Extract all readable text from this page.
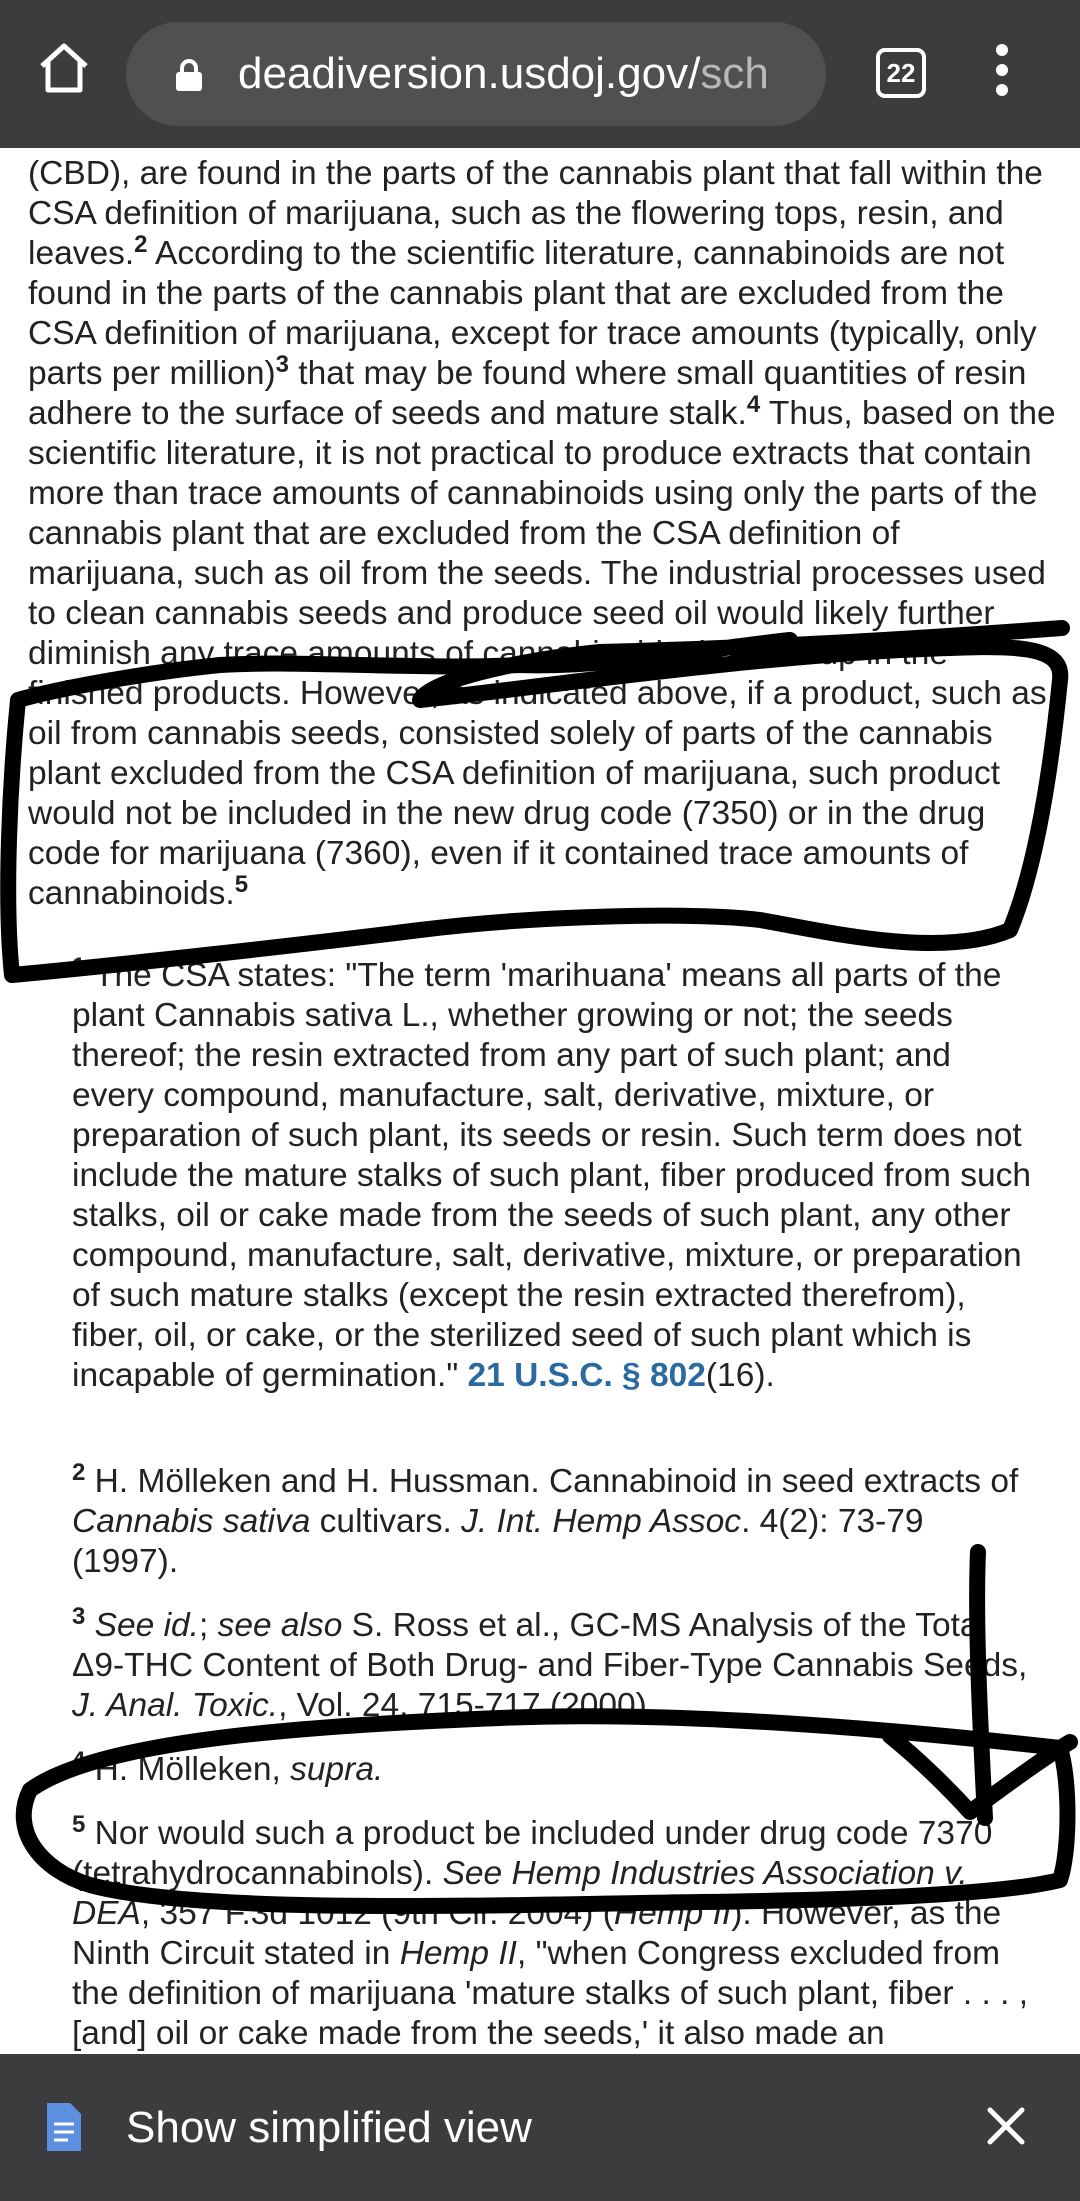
deadiversion.usdoj.gov/sch	22

(CBD), are found in the parts of the cannabis plant that fall within the CSA definition of marijuana, such as the flowering tops, resin, and leaves.$^2$ According to the scientific literature, cannabinoids are not found in the parts of the cannabis plant that are excluded from the CSA definition of marijuana, except for trace amounts (typically, only parts per million)$^3$ that may be found where small quantities of resin adhere to the surface of seeds and mature stalk.$^4$ Thus, based on the scientific literature, it is not practical to produce extracts that contain more than trace amounts of cannabinoids using only the parts of the cannabis plant that are excluded from the CSA definition of marijuana, such as oil from the seeds. The industrial processes used to clean cannabis seeds and produce seed oil would likely further diminish any trace amounts of cannabinoids that end up in the finished products. However, as indicated above, if a product, such as oil from cannabis seeds, consisted solely of parts of the cannabis plant excluded from the CSA definition of marijuana, such product would not be included in the new drug code (7350) or in the drug code for marijuana (7360), even if it contained trace amounts of cannabinoids.$^5$

$^1$ The CSA states: "The term 'marihuana' means all parts of the plant Cannabis sativa L., whether growing or not; the seeds thereof; the resin extracted from any part of such plant; and every compound, manufacture, salt, derivative, mixture, or preparation of such plant, its seeds or resin. Such term does not include the mature stalks of such plant, fiber produced from such stalks, oil or cake made from the seeds of such plant, any other compound, manufacture, salt, derivative, mixture, or preparation of such mature stalks (except the resin extracted therefrom), fiber, oil, or cake, or the sterilized seed of such plant which is incapable of germination." 21 U.S.C. § 802(16).

$^2$ H. Mölleken and H. Hussman. Cannabinoid in seed extracts of Cannabis sativa cultivars. J. Int. Hemp Assoc. 4(2): 73-79 (1997).

$^3$ See id.; see also S. Ross et al., GC-MS Analysis of the Total Δ9-THC Content of Both Drug- and Fiber-Type Cannabis Seeds, J. Anal. Toxic., Vol. 24, 715-717 (2000).

$^4$ H. Mölleken, supra.

$^5$ Nor would such a product be included under drug code 7370 (tetrahydrocannabinols). See Hemp Industries Association v. DEA, 357 F.3d 1012 (9th Cir. 2004) (Hemp II). However, as the Ninth Circuit stated in Hemp II, "when Congress excluded from the definition of marijuana 'mature stalks of such plant, fiber . . . , [and] oil or cake made from the seeds,' it also made an

Show simplified view
